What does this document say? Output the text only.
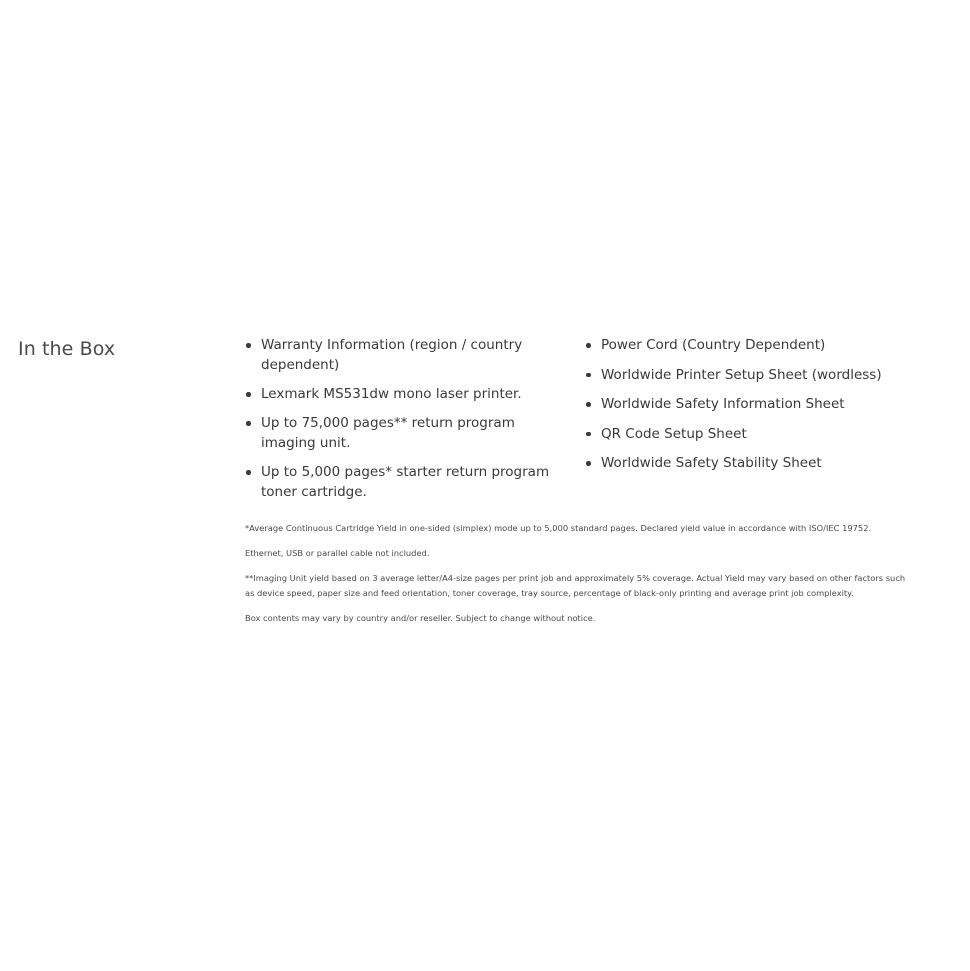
In the Box	Warranty Information (region / country dependent)
Lexmark MS531dw mono laser printer.
Up to 75,000 pages** return program imaging unit.
Up to 5,000 pages* starter return program toner cartridge.
Power Cord (Country Dependent)
Worldwide Printer Setup Sheet (wordless)
Worldwide Safety Information Sheet
QR Code Setup Sheet
Worldwide Safety Stability Sheet

*Average Continuous Cartridge Yield in one-sided (simplex) mode up to 5,000 standard pages. Declared yield value in accordance with ISO/IEC 19752.

Ethernet, USB or parallel cable not included.

**Imaging Unit yield based on 3 average letter/A4-size pages per print job and approximately 5% coverage. Actual Yield may vary based on other factors such as device speed, paper size and feed orientation, toner coverage, tray source, percentage of black-only printing and average print job complexity.

Box contents may vary by country and/or reseller. Subject to change without notice.
